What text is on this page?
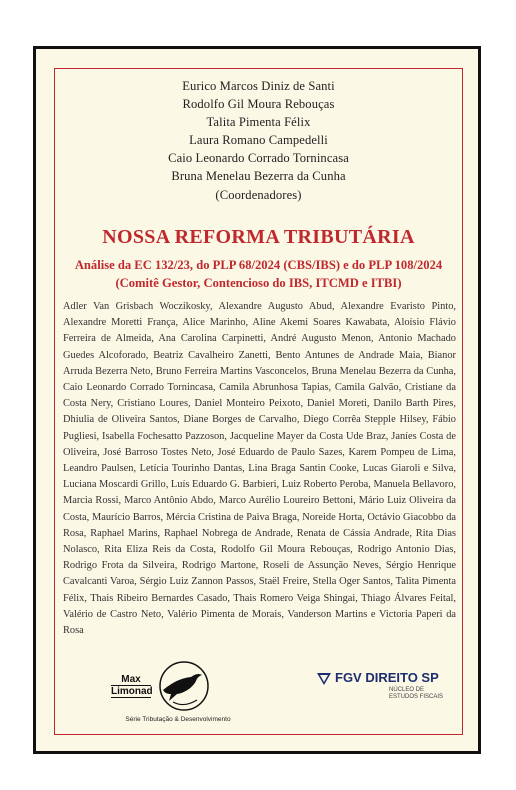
Eurico Marcos Diniz de Santi
Rodolfo Gil Moura Rebouças
Talita Pimenta Félix
Laura Romano Campedelli
Caio Leonardo Corrado Tornincasa
Bruna Menelau Bezerra da Cunha
(Coordenadores)
NOSSA REFORMA TRIBUTÁRIA
Análise da EC 132/23, do PLP 68/2024 (CBS/IBS) e do PLP 108/2024 (Comitê Gestor, Contencioso do IBS, ITCMD e ITBI)
Adler Van Grisbach Woczikosky, Alexandre Augusto Abud, Alexandre Evaristo Pinto, Alexandre Moretti França, Alice Marinho, Aline Akemi Soares Kawabata, Aloísio Flávio Ferreira de Almeida, Ana Carolina Carpinetti, André Augusto Menon, Antonio Machado Guedes Alcoforado, Beatriz Cavalheiro Zanetti, Bento Antunes de Andrade Maia, Bianor Arruda Bezerra Neto, Bruno Ferreira Martins Vasconcelos, Bruna Menelau Bezerra da Cunha, Caio Leonardo Corrado Tornincasa, Camila Abrunhosa Tapias, Camila Galvão, Cristiane da Costa Nery, Cristiano Loures, Daniel Monteiro Peixoto, Daniel Moreti, Danilo Barth Pires, Dhiulia de Oliveira Santos, Diane Borges de Carvalho, Diego Corrêa Stepple Hilsey, Fábio Pugliesi, Isabella Fochesatto Pazzoson, Jacqueline Mayer da Costa Ude Braz, Janíes Costa de Oliveira, José Barroso Tostes Neto, José Eduardo de Paulo Sazes, Karem Pompeu de Lima, Leandro Paulsen, Letícia Tourinho Dantas, Lina Braga Santin Cooke, Lucas Giaroli e Silva, Luciana Moscardi Grillo, Luís Eduardo G. Barbieri, Luiz Roberto Peroba, Manuela Bellavoro, Marcia Rossi, Marco Antônio Abdo, Marco Aurélio Loureiro Bettoni, Mário Luiz Oliveira da Costa, Maurício Barros, Mércia Cristina de Paiva Braga, Noreide Horta, Octávio Giacobbo da Rosa, Raphael Marins, Raphael Nobrega de Andrade, Renata de Cássia Andrade, Rita Dias Nolasco, Rita Eliza Reis da Costa, Rodolfo Gil Moura Rebouças, Rodrigo Antonio Dias, Rodrigo Frota da Silveira, Rodrigo Martone, Roseli de Assunção Neves, Sérgio Henrique Cavalcanti Varoa, Sérgio Luiz Zannon Passos, Staël Freire, Stella Oger Santos, Talita Pimenta Félix, Thais Ribeiro Bernardes Casado, Thais Romero Veiga Shingai, Thiago Álvares Feital, Valério de Castro Neto, Valério Pimenta de Morais, Vanderson Martins e Victoria Paperi da Rosa
Max
Limonad
Série Tributação & Desenvolvimento
FGV DIREITO SP
NÚCLEO DE
ESTUDOS FISCAIS
